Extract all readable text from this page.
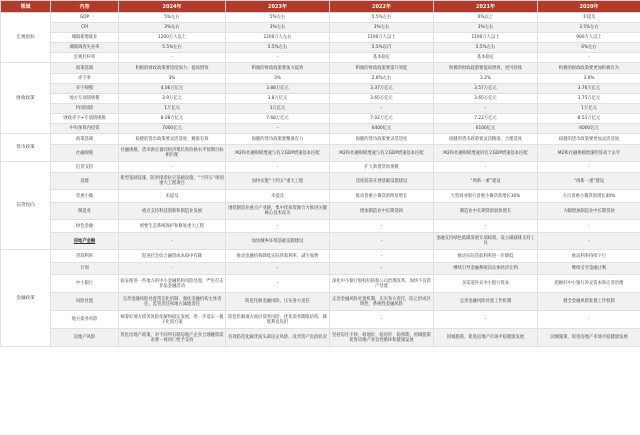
领域	内容	2024年	2023年	2022年	2021年	2020年
宏观指标	GDP	5%左右	5%左右	5.5%左右	6%以上	未提及
	CPI	3%左右	3%左右	3%左右	3%左右	3.5%左右
	城镇新增就业	1200万人以上	1200万人左右	1100万人以上	1100万人以上	900万人以上
	城镇调查失业率	5.5%左右	5.5%左右	5.5%以内	5.5%左右	6%左右
	宏观杠杆率	-	-	基本稳定	基本稳定	-
财政政策	政策基调	积极的财政政策要适度加力、提质增效	积极的财政政策要加力提效	积极的财政政策要提升效能	积极的财政政策要提质增效、更可持续	积极的财政政策要更加积极有为
	赤字率	3%	3%	2.8%左右	3.2%	3.6%
	赤字规模	4.06万亿元	3.88万亿元	3.37万亿元	3.57万亿元	3.76万亿元
	地方专项债规模	3.9万亿元	3.8万亿元	3.65万亿元	3.65万亿元	3.75万亿元
	特别国债	1万亿元	1万亿元	-	-	1万亿元
	财政赤字+专项债规模	8.08万亿元	7.68万亿元	7.02万亿元	7.22万亿元	8.51万亿元
	中央预算内投资	7000亿元	-	6400亿元	6100亿元	6000亿元
货币政策	政策基调	稳健的货币政策要灵活适度、精准有效	稳健的货币政策要精准有力	稳健的货币政策要灵活适度	稳健的货币政策要灵活精准、合理适度	稳健的货币政策要更加灵活适度
	社融规模	社融规模、货币供应量同经济增长和价格水平预期目标相匹配	M2和社融规模增速与名义GDP增速基本匹配	M2和社融规模增速与名义GDP增速基本匹配	M2和社融规模增速同名义GDP增速基本匹配	M2和社融规模增速明显高于去年
信贷投向	信贷支持	-	-	扩大新增贷款规模	-	-
	基建	新型基础设施、防洪排涝抗灾基础设施、“十四五”规划重大工程项目	加快实施“十四五”重大工程	适度超前开展基础设施建设	“两新一重”建设	“两新一重”建设
	普惠小微	未提及	未提及	推动普惠小微贷款明显增长	大型商业银行普惠小微贷款增长30%	大行普惠小微贷款增长40%
	制造业	重点支持科技创新和制造业发展	围绕制造业重点产业链，集中优质资源合力推进关键核心技术攻关	增加制造业中长期贷款	制造业中长期贷款较快增长	大幅增加制造业中长期贷款
	绿色金融	重要生态系统保护和修复重大工程	-	-	-	-
	房地产金融	-	加快城乡环境基础设施建设	-	金融支持绿色低碳发展专项政策，设立碳减排支持工具	-
金融政策	贷款利率	促进社会综合融资成本稳中有降	推动金融机构降低实际贷款利率、减少收费	-	推动实际贷款利率进一步降低	推动利率持续下行
	计划	-	-	-	继续引导金融系统向实体经济让利	继续引导金融让利
	中小银行	稳妥推进一些地方的中小金融机构风险处置，严厉打击非法金融活动	-	深化中小银行股权结构和公司治理改革，加快不良资产处置	多渠道补充中小银行资本	把握好中小银行补充资本和完善治理
	风险处置	完善金融风险处置常态化机制，强化金融机构主体责任、监管责任和地方属地责任	防范化解金融风险，压实各方责任	完善金融风险处置机制，压实各方责任，防止形成区域性、系统性金融风险	完善金融风险处置工作机制	健全金融风险处置工作机制
	地方债务风险	统筹好地方债务风险化解和稳定发展，进一步落实一揽子化债方案	防范化解地方政府债务风险，优化债务期限结构，降低利息负担	-	-	-
	房地产风险	优化房地产政策，对不同所有制房地产企业合理融资需求要一视同仁给予支持	有效防范化解优质头部房企风险，改善资产负债状况	坚持房住不炒，稳地价、稳房价、稳预期，因城施策促进房地产业良性循环和健康发展	因城施策，促进房地产市场平稳健康发展	因城施策，促进房地产市场平稳健康发展
